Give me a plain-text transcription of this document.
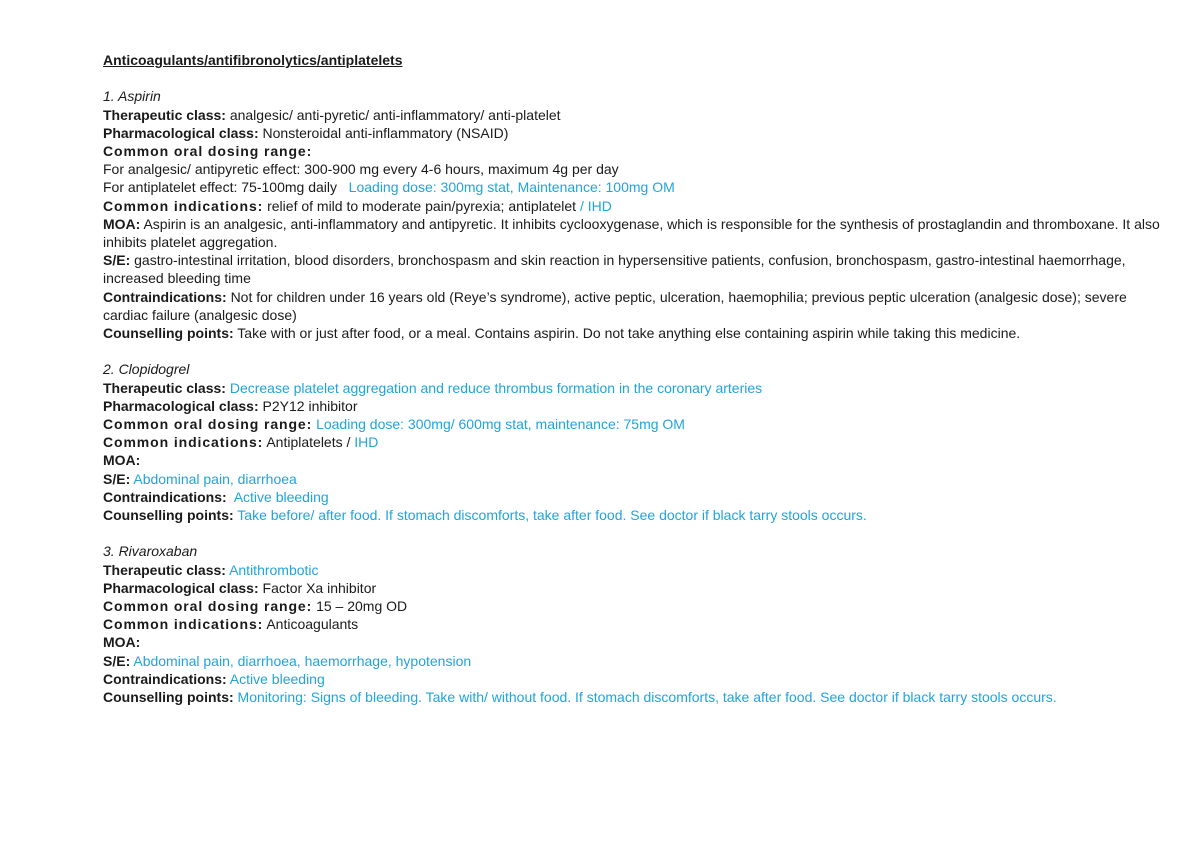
Anticoagulants/antifibronolytics/antiplatelets
1. Aspirin
Therapeutic class: analgesic/ anti-pyretic/ anti-inflammatory/ anti-platelet
Pharmacological class: Nonsteroidal anti-inflammatory (NSAID)
Common oral dosing range:
For analgesic/ antipyretic effect: 300-900 mg every 4-6 hours, maximum 4g per day
For antiplatelet effect: 75-100mg daily Loading dose: 300mg stat, Maintenance: 100mg OM
Common indications: relief of mild to moderate pain/pyrexia; antiplatelet / IHD
MOA: Aspirin is an analgesic, anti-inflammatory and antipyretic. It inhibits cyclooxygenase, which is responsible for the synthesis of prostaglandin and thromboxane. It also inhibits platelet aggregation.
S/E: gastro-intestinal irritation, blood disorders, bronchospasm and skin reaction in hypersensitive patients, confusion, bronchospasm, gastro-intestinal haemorrhage, increased bleeding time
Contraindications: Not for children under 16 years old (Reye’s syndrome), active peptic, ulceration, haemophilia; previous peptic ulceration (analgesic dose); severe cardiac failure (analgesic dose)
Counselling points: Take with or just after food, or a meal. Contains aspirin. Do not take anything else containing aspirin while taking this medicine.
2. Clopidogrel
Therapeutic class: Decrease platelet aggregation and reduce thrombus formation in the coronary arteries
Pharmacological class: P2Y12 inhibitor
Common oral dosing range: Loading dose: 300mg/ 600mg stat, maintenance: 75mg OM
Common indications: Antiplatelets / IHD
MOA:
S/E: Abdominal pain, diarrhoea
Contraindications: Active bleeding
Counselling points: Take before/ after food. If stomach discomforts, take after food. See doctor if black tarry stools occurs.
3. Rivaroxaban
Therapeutic class: Antithrombotic
Pharmacological class: Factor Xa inhibitor
Common oral dosing range: 15 – 20mg OD
Common indications: Anticoagulants
MOA:
S/E: Abdominal pain, diarrhoea, haemorrhage, hypotension
Contraindications: Active bleeding
Counselling points: Monitoring: Signs of bleeding. Take with/ without food. If stomach discomforts, take after food. See doctor if black tarry stools occurs.
